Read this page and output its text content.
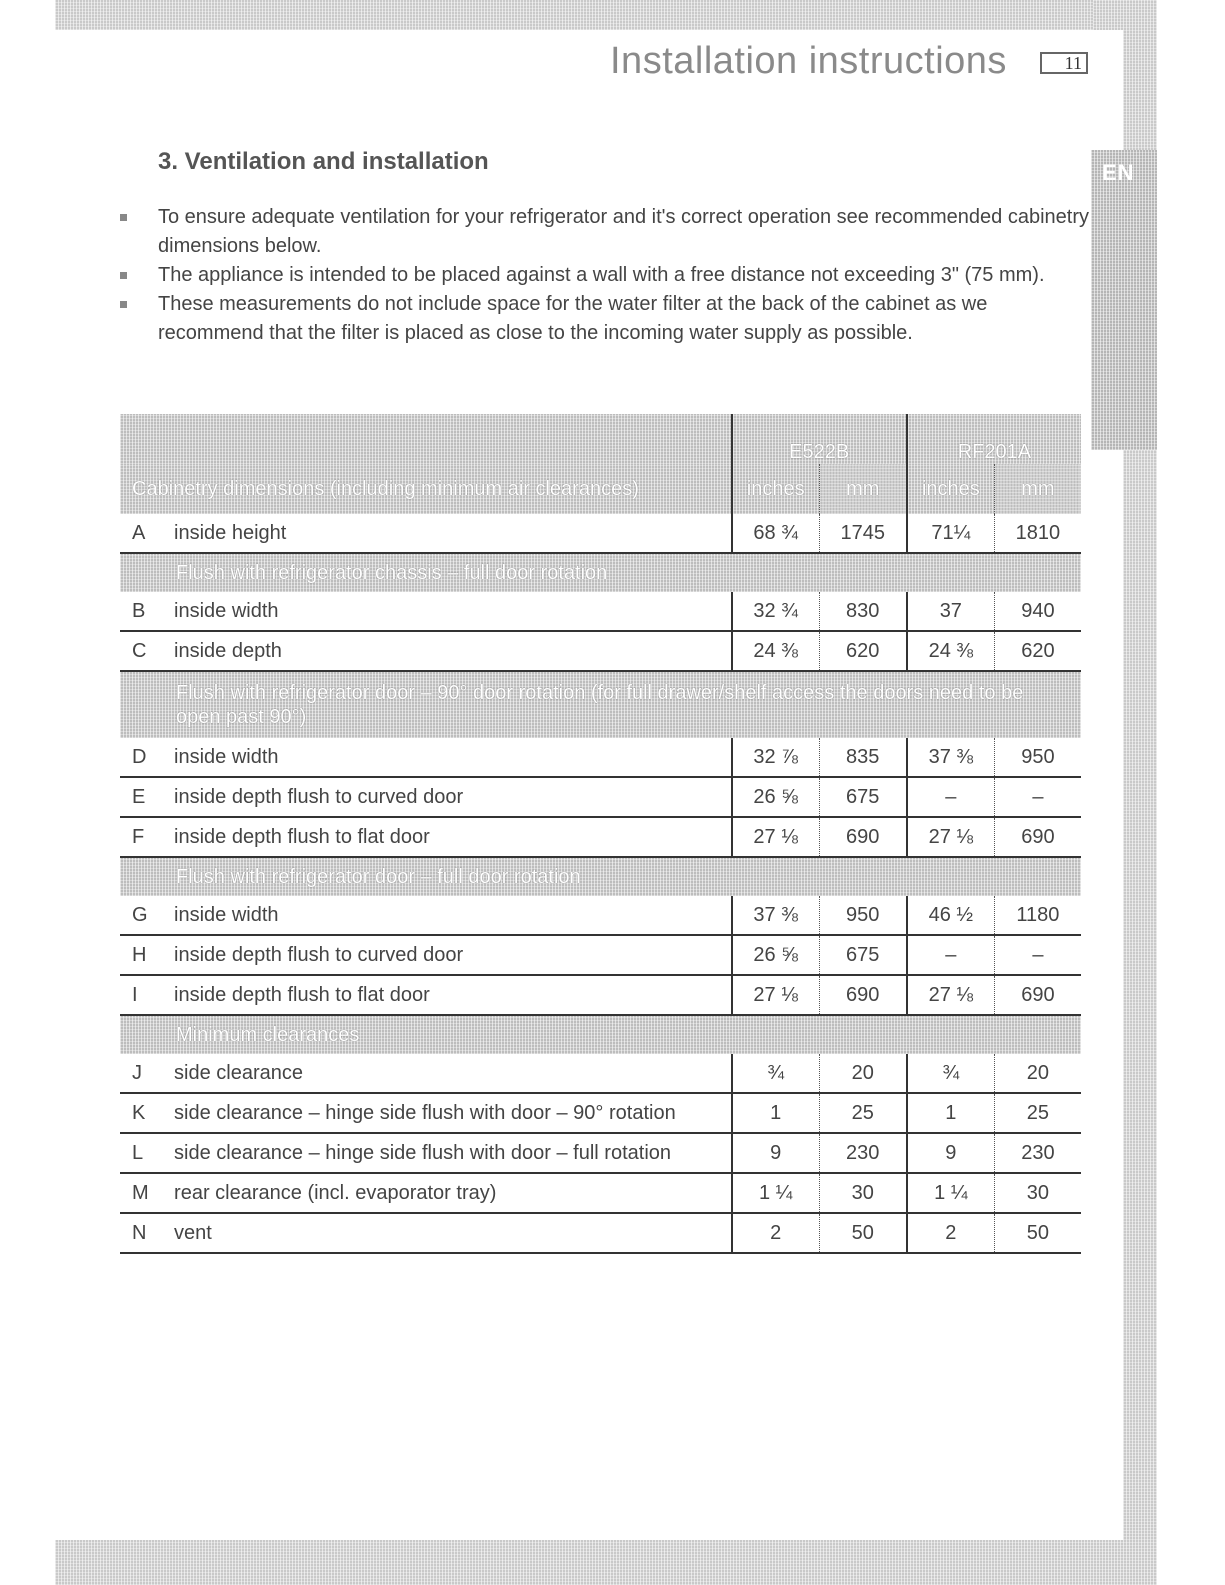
EN
Installation instructions	11
3. Ventilation and installation
To ensure adequate ventilation for your refrigerator and it's correct operation see recommended cabinetry dimensions below.
The appliance is intended to be placed against a wall with a free distance not exceeding 3" (75 mm).
These measurements do not include space for the water filter at the back of the cabinet as we recommend that the filter is placed as close to the incoming water supply as possible.
		E522B		RF201A	
Cabinetry dimensions (including minimum air clearances)		inches	mm	inches	mm
A	inside height	68 ¾	1745	71¼	1810
Flush with refrigerator chassis – full door rotation					
B	inside width	32 ¾	830	37	940
C	inside depth	24 ⅜	620	24 ⅜	620
Flush with refrigerator door – 90° door rotation (for full drawer/shelf access the doors need to be open past 90°)					
D	inside width	32 ⅞	835	37 ⅜	950
E	inside depth flush to curved door	26 ⅝	675	–	–
F	inside depth flush to flat door	27 ⅛	690	27 ⅛	690
Flush with refrigerator door – full door rotation					
G	inside width	37 ⅜	950	46 ½	1180
H	inside depth flush to curved door	26 ⅝	675	–	–
I	inside depth flush to flat door	27 ⅛	690	27 ⅛	690
Minimum clearances					
J	side clearance	¾	20	¾	20
K	side clearance – hinge side flush with door – 90° rotation	1	25	1	25
L	side clearance – hinge side flush with door – full rotation	9	230	9	230
M	rear clearance (incl. evaporator tray)	1 ¼	30	1 ¼	30
N	vent	2	50	2	50
